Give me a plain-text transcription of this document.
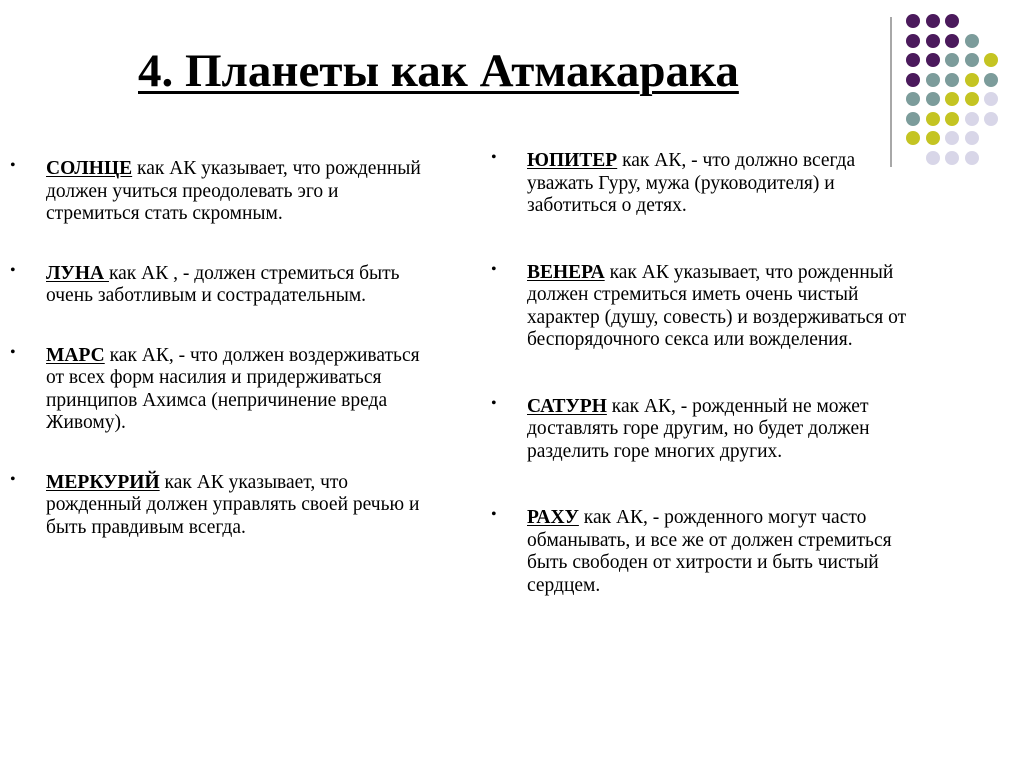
4. Планеты как Атмакарака
• СОЛНЦЕ как АК указывает, что рожденный должен учиться преодолевать эго и стремиться стать скромным.
• ЛУНА как АК , - должен стремиться быть очень заботливым и сострадательным.
• МАРС как АК, - что должен воздерживаться от всех форм насилия и придерживаться принципов Ахимса (непричинение вреда Живому).
• МЕРКУРИЙ как АК указывает, что рожденный должен управлять своей речью и быть правдивым всегда.
• ЮПИТЕР как АК, - что должно всегда уважать Гуру, мужа (руководителя) и заботиться о детях.
• ВЕНЕРА как АК указывает, что рожденный должен стремиться иметь очень чистый характер (душу, совесть) и воздерживаться от беспорядочного секса или вожделения.
• САТУРН как АК, - рожденный не может доставлять горе другим, но будет должен разделить горе многих других.
• РАХУ как АК, - рожденного могут часто обманывать, и все же от должен стремиться быть свободен от хитрости и быть чистый сердцем.
